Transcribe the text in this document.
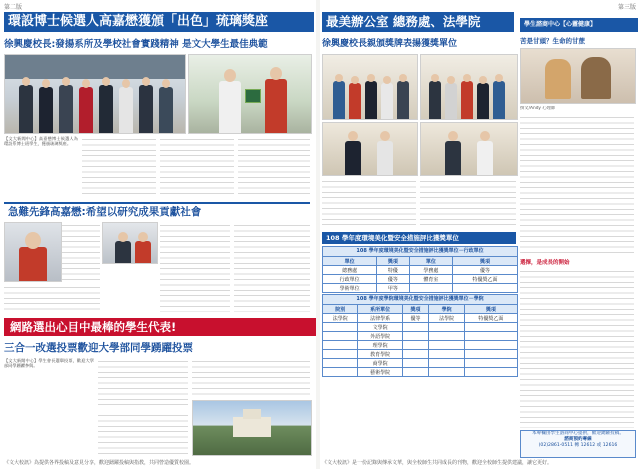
第二版
環設博士候選人高嘉懋獲頒「出色」琉璃獎座
徐興慶校長:發揚系所及學校社會實踐精神 是文大學生最佳典範
【文大新聞中心】高嘉懋博士候選人為環設系博士班學生，獲頒琉璃獎座。
急難先鋒高嘉懋:希望以研究成果貢獻社會
網路選出心目中最棒的學生代表!
三合一改選投票歡迎大學部同學踴躍投票
【文大新聞中心】學生會長選舉投票，歡迎大學部同學踴躍參與。
《文大校訊》為提供各界投稿及意見分享，歡迎踴躍投稿與指教，共同營造優質校園。
第三版
最美辦公室 總務處、法學院
徐興慶校長親頒獎牌表揚獲獎單位
108 學年度環境美化暨安全措施評比獲獎單位
108 學年度環境美化暨安全措施評比獲獎單位－行政單位
單位	獎項	單位	獎項
總務處	特優	學務處	優等
行政單位	優等	體育室	特優獎乙面
學術單位	甲等		
108 學年度學院環境美化暨安全措施評比獲獎單位－學院
院別	系所單位	獎項	學院	獎項
法學院	法律學系	優等	法學院	特優獎乙面
	文學院			
	外語學院			
	理學院			
	教育學院			
	商學院			
	藝術學院			
《文大校訊》是一份記錄與傳承文華，與全校師生共同成長的刊物，歡迎全校師生提供建議，讓它更好。
學生諮商中心【心靈健康】
苦是甘頭？生命的甘蔗
撰文/Andy 心理師
選擇，是成長的開始
本專欄由學生諮商中心提供，歡迎踴躍投稿。
諮商預約專線
(02)2861-0511 轉 12612 或 12616
